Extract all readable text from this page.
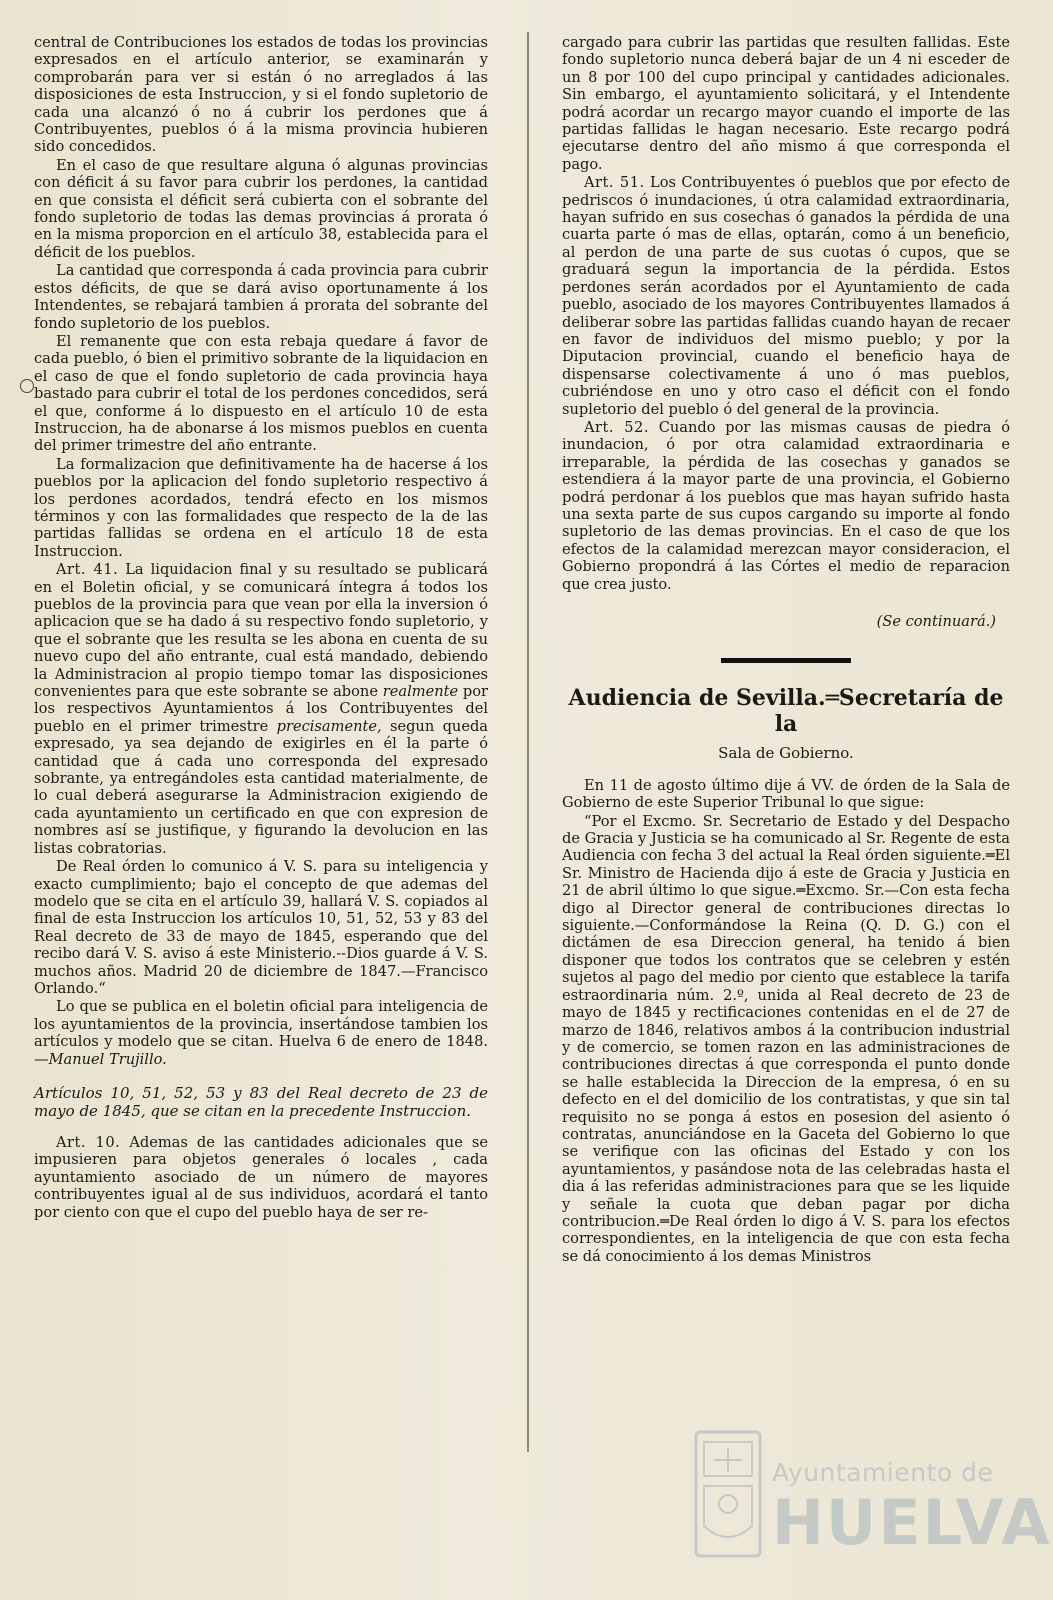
central de Contribuciones los estados de todas los provincias expresados en el artículo anterior, se examinarán y comprobarán para ver si están ó no arreglados á las disposiciones de esta Instruccion, y si el fondo supletorio de cada una alcanzó ó no á cubrir los perdones que á Contribuyentes, pueblos ó á la misma provincia hubieren sido concedidos.

En el caso de que resultare alguna ó algunas provincias con déficit á su favor para cubrir los perdones, la cantidad en que consista el déficit será cubierta con el sobrante del fondo supletorio de todas las demas provincias á prorata ó en la misma proporcion en el artículo 38, establecida para el déficit de los pueblos.

La cantidad que corresponda á cada provincia para cubrir estos déficits, de que se dará aviso oportunamente á los Intendentes, se rebajará tambien á prorata del sobrante del fondo supletorio de los pueblos.

El remanente que con esta rebaja quedare á favor de cada pueblo, ó bien el primitivo sobrante de la liquidacion en el caso de que el fondo supletorio de cada provincia haya bastado para cubrir el total de los perdones concedidos, será el que, conforme á lo dispuesto en el artículo 10 de esta Instruccion, ha de abonarse á los mismos pueblos en cuenta del primer trimestre del año entrante.

La formalizacion que definitivamente ha de hacerse á los pueblos por la aplicacion del fondo supletorio respectivo á los perdones acordados, tendrá efecto en los mismos términos y con las formalidades que respecto de la de las partidas fallidas se ordena en el artículo 18 de esta Instruccion.

Art. 41. La liquidacion final y su resultado se publicará en el Boletin oficial, y se comunicará íntegra á todos los pueblos de la provincia para que vean por ella la inversion ó aplicacion que se ha dado á su respectivo fondo supletorio, y que el sobrante que les resulta se les abona en cuenta de su nuevo cupo del año entrante, cual está mandado, debiendo la Administracion al propio tiempo tomar las disposiciones convenientes para que este sobrante se abone realmente por los respectivos Ayuntamientos á los Contribuyentes del pueblo en el primer trimestre precisamente, segun queda expresado, ya sea dejando de exigirles en él la parte ó cantidad que á cada uno corresponda del expresado sobrante, ya entregándoles esta cantidad materialmente, de lo cual deberá asegurarse la Administracion exigiendo de cada ayuntamiento un certificado en que con expresion de nombres así se justifique, y figurando la devolucion en las listas cobratorias.

De Real órden lo comunico á V. S. para su inteligencia y exacto cumplimiento; bajo el concepto de que ademas del modelo que se cita en el artículo 39, hallará V. S. copiados al final de esta Instruccion los artículos 10, 51, 52, 53 y 83 del Real decreto de 33 de mayo de 1845, esperando que del recibo dará V. S. aviso á este Ministerio.--Dios guarde á V. S. muchos años. Madrid 20 de diciembre de 1847.—Francisco Orlando.“

Lo que se publica en el boletin oficial para inteligencia de los ayuntamientos de la provincia, insertándose tambien los artículos y modelo que se citan. Huelva 6 de enero de 1848.—Manuel Trujillo.

Artículos 10, 51, 52, 53 y 83 del Real decreto de 23 de mayo de 1845, que se citan en la precedente Instruccion.

Art. 10. Ademas de las cantidades adicionales que se impusieren para objetos generales ó locales , cada ayuntamiento asociado de un número de mayores contribuyentes igual al de sus individuos, acordará el tanto por ciento con que el cupo del pueblo haya de ser re-

cargado para cubrir las partidas que resulten fallidas. Este fondo supletorio nunca deberá bajar de un 4 ni esceder de un 8 por 100 del cupo principal y cantidades adicionales. Sin embargo, el ayuntamiento solicitará, y el Intendente podrá acordar un recargo mayor cuando el importe de las partidas fallidas le hagan necesario. Este recargo podrá ejecutarse dentro del año mismo á que corresponda el pago.

Art. 51. Los Contribuyentes ó pueblos que por efecto de pedriscos ó inundaciones, ú otra calamidad extraordinaria, hayan sufrido en sus cosechas ó ganados la pérdida de una cuarta parte ó mas de ellas, optarán, como á un beneficio, al perdon de una parte de sus cuotas ó cupos, que se graduará segun la importancia de la pérdida. Estos perdones serán acordados por el Ayuntamiento de cada pueblo, asociado de los mayores Contribuyentes llamados á deliberar sobre las partidas fallidas cuando hayan de recaer en favor de individuos del mismo pueblo; y por la Diputacion provincial, cuando el beneficio haya de dispensarse colectivamente á uno ó mas pueblos, cubriéndose en uno y otro caso el déficit con el fondo supletorio del pueblo ó del general de la provincia.

Art. 52. Cuando por las mismas causas de piedra ó inundacion, ó por otra calamidad extraordinaria e irreparable, la pérdida de las cosechas y ganados se estendiera á la mayor parte de una provincia, el Gobierno podrá perdonar á los pueblos que mas hayan sufrido hasta una sexta parte de sus cupos cargando su importe al fondo supletorio de las demas provincias. En el caso de que los efectos de la calamidad merezcan mayor consideracion, el Gobierno propondrá á las Córtes el medio de reparacion que crea justo.

(Se continuará.)

Audiencia de Sevilla.═Secretaría de la

Sala de Gobierno.

En 11 de agosto último dije á VV. de órden de la Sala de Gobierno de este Superior Tribunal lo que sigue:

“Por el Excmo. Sr. Secretario de Estado y del Despacho de Gracia y Justicia se ha comunicado al Sr. Regente de esta Audiencia con fecha 3 del actual la Real órden siguiente.═El Sr. Ministro de Hacienda dijo á este de Gracia y Justicia en 21 de abril último lo que sigue.═Excmo. Sr.—Con esta fecha digo al Director general de contribuciones directas lo siguiente.—Conformándose la Reina (Q. D. G.) con el dictámen de esa Direccion general, ha tenido á bien disponer que todos los contratos que se celebren y estén sujetos al pago del medio por ciento que establece la tarifa estraordinaria núm. 2.º, unida al Real decreto de 23 de mayo de 1845 y rectificaciones contenidas en el de 27 de marzo de 1846, relativos ambos á la contribucion industrial y de comercio, se tomen razon en las administraciones de contribuciones directas á que corresponda el punto donde se halle establecida la Direccion de la empresa, ó en su defecto en el del domicilio de los contratistas, y que sin tal requisito no se ponga á estos en posesion del asiento ó contratas, anunciándose en la Gaceta del Gobierno lo que se verifique con las oficinas del Estado y con los ayuntamientos, y pasándose nota de las celebradas hasta el dia á las referidas administraciones para que se les liquide y señale la cuota que deban pagar por dicha contribucion.═De Real órden lo digo á V. S. para los efectos correspondientes, en la inteligencia de que con esta fecha se dá conocimiento á los demas Ministros

Ayuntamiento de
HUELVA
